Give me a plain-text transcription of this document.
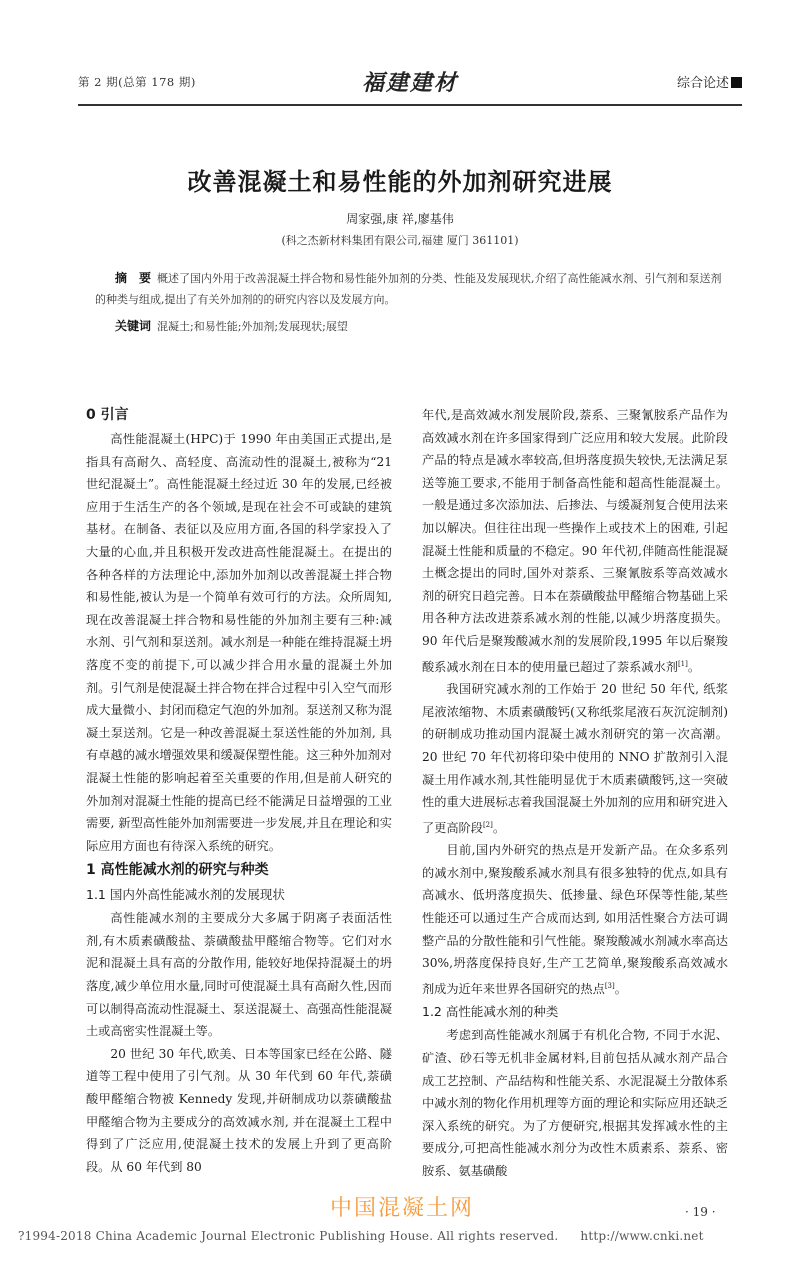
第 2 期(总第 178 期)	福建建材	综合论述
改善混凝土和易性能的外加剂研究进展
周家强,康 祥,廖基伟
(科之杰新材料集团有限公司,福建 厦门 361101)
摘　要 概述了国内外用于改善混凝土拌合物和易性能外加剂的分类、性能及发展现状,介绍了高性能减水剂、引气剂和泵送剂的种类与组成,提出了有关外加剂的的研究内容以及发展方向。
关键词 混凝土;和易性能;外加剂;发展现状;展望
0 引言

高性能混凝土(HPC)于 1990 年由美国正式提出,是指具有高耐久、高轻度、高流动性的混凝土,被称为“21 世纪混凝土”。高性能混凝土经过近 30 年的发展,已经被应用于生活生产的各个领域,是现在社会不可或缺的建筑基材。在制备、表征以及应用方面,各国的科学家投入了大量的心血,并且积极开发改进高性能混凝土。在提出的各种各样的方法理论中,添加外加剂以改善混凝土拌合物和易性能,被认为是一个简单有效可行的方法。众所周知,现在改善混凝土拌合物和易性能的外加剂主要有三种:减水剂、引气剂和泵送剂。减水剂是一种能在维持混凝土坍落度不变的前提下,可以减少拌合用水量的混凝土外加剂。引气剂是使混凝土拌合物在拌合过程中引入空气而形成大量微小、封闭而稳定气泡的外加剂。泵送剂又称为混凝土泵送剂。它是一种改善混凝土泵送性能的外加剂, 具有卓越的减水增强效果和缓凝保塑性能。这三种外加剂对混凝土性能的影响起着至关重要的作用,但是前人研究的外加剂对混凝土性能的提高已经不能满足日益增强的工业需要, 新型高性能外加剂需要进一步发展,并且在理论和实际应用方面也有待深入系统的研究。

1 高性能减水剂的研究与种类
1.1 国内外高性能减水剂的发展现状

高性能减水剂的主要成分大多属于阴离子表面活性剂,有木质素磺酸盐、萘磺酸盐甲醛缩合物等。它们对水泥和混凝土具有高的分散作用, 能较好地保持混凝土的坍落度,减少单位用水量,同时可使混凝土具有高耐久性,因而可以制得高流动性混凝土、泵送混凝土、高强高性能混凝土或高密实性混凝土等。

20 世纪 30 年代,欧美、日本等国家已经在公路、隧道等工程中使用了引气剂。从 30 年代到 60 年代,萘磺酸甲醛缩合物被 Kennedy 发现,并研制成功以萘磺酸盐甲醛缩合物为主要成分的高效减水剂, 并在混凝土工程中得到了广泛应用,使混凝土技术的发展上升到了更高阶段。从 60 年代到 80

年代,是高效减水剂发展阶段,萘系、三聚氰胺系产品作为高效减水剂在许多国家得到广泛应用和较大发展。此阶段产品的特点是减水率较高,但坍落度损失较快,无法满足泵送等施工要求,不能用于制备高性能和超高性能混凝土。一般是通过多次添加法、后掺法、与缓凝剂复合使用法来加以解决。但往往出现一些操作上或技术上的困难, 引起混凝土性能和质量的不稳定。90 年代初,伴随高性能混凝土概念提出的同时,国外对萘系、三聚氰胺系等高效减水剂的研究日趋完善。日本在萘磺酸盐甲醛缩合物基础上采用各种方法改进萘系减水剂的性能,以减少坍落度损失。90 年代后是聚羧酸减水剂的发展阶段,1995 年以后聚羧酸系减水剂在日本的使用量已超过了萘系减水剂[1]。

我国研究减水剂的工作始于 20 世纪 50 年代, 纸浆尾液浓缩物、木质素磺酸钙(又称纸浆尾液石灰沉淀制剂)的研制成功推动国内混凝土减水剂研究的第一次高潮。20 世纪 70 年代初将印染中使用的 NNO 扩散剂引入混凝土用作减水剂,其性能明显优于木质素磺酸钙,这一突破性的重大进展标志着我国混凝土外加剂的应用和研究进入了更高阶段[2]。

目前,国内外研究的热点是开发新产品。在众多系列的减水剂中,聚羧酸系减水剂具有很多独特的优点,如具有高减水、低坍落度损失、低掺量、绿色环保等性能,某些性能还可以通过生产合成而达到, 如用活性聚合方法可调整产品的分散性能和引气性能。聚羧酸减水剂减水率高达 30%,坍落度保持良好,生产工艺简单,聚羧酸系高效减水剂成为近年来世界各国研究的热点[3]。

1.2 高性能减水剂的种类

考虑到高性能减水剂属于有机化合物, 不同于水泥、矿渣、砂石等无机非金属材料,目前包括从减水剂产品合成工艺控制、产品结构和性能关系、水泥混凝土分散体系中减水剂的物化作用机理等方面的理论和实际应用还缺乏深入系统的研究。为了方便研究,根据其发挥减水性的主要成分,可把高性能减水剂分为改性木质素系、萘系、密胺系、氨基磺酸

中国混凝土网	· 19 ·
?1994-2018 China Academic Journal Electronic Publishing House. All rights reserved. http://www.cnki.net
